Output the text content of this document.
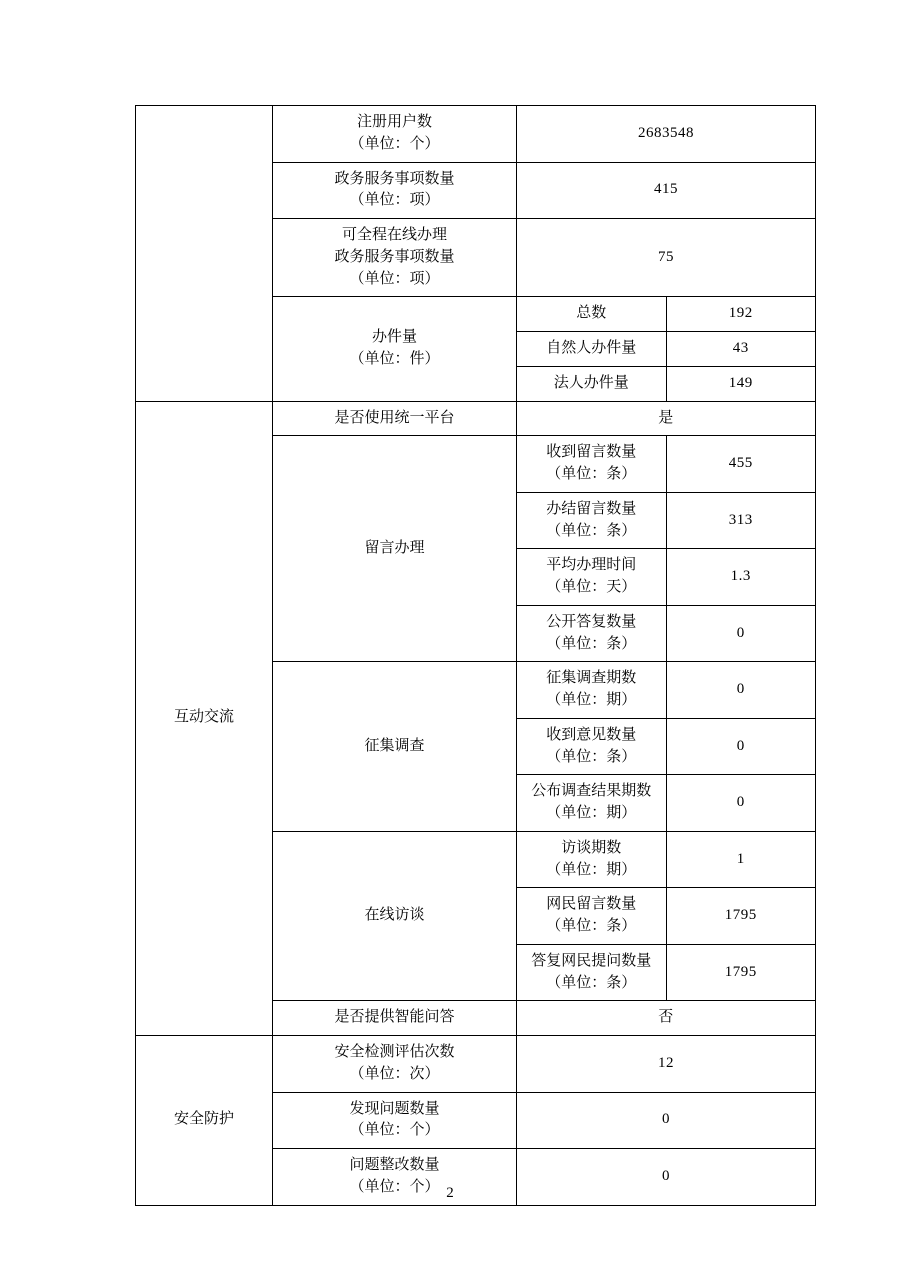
	注册用户数
（单位：个）	2683548	

	政务服务事项数量
（单位：项）	415	

	可全程在线办理
政务服务事项数量
（单位：项）	75	

	办件量
（单位：件）	总数	192
		自然人办件量	43
		法人办件量	149
互动交流	是否使用统一平台	是	
	留言办理	收到留言数量
（单位：条）	455

		办结留言数量
（单位：条）	313

		平均办理时间
（单位：天）	1.3

		公开答复数量
（单位：条）	0
	征集调查	征集调查期数
（单位：期）	0

		收到意见数量
（单位：条）	0

		公布调查结果期数
（单位：期）	0
	在线访谈	访谈期数
（单位：期）	1

		网民留言数量
（单位：条）	1795

		答复网民提问数量
（单位：条）	1795
	是否提供智能问答	否	
安全防护	安全检测评估次数
（单位：次）	12	

	发现问题数量
（单位：个）	0	

	问题整改数量
（单位：个）	0	
2
